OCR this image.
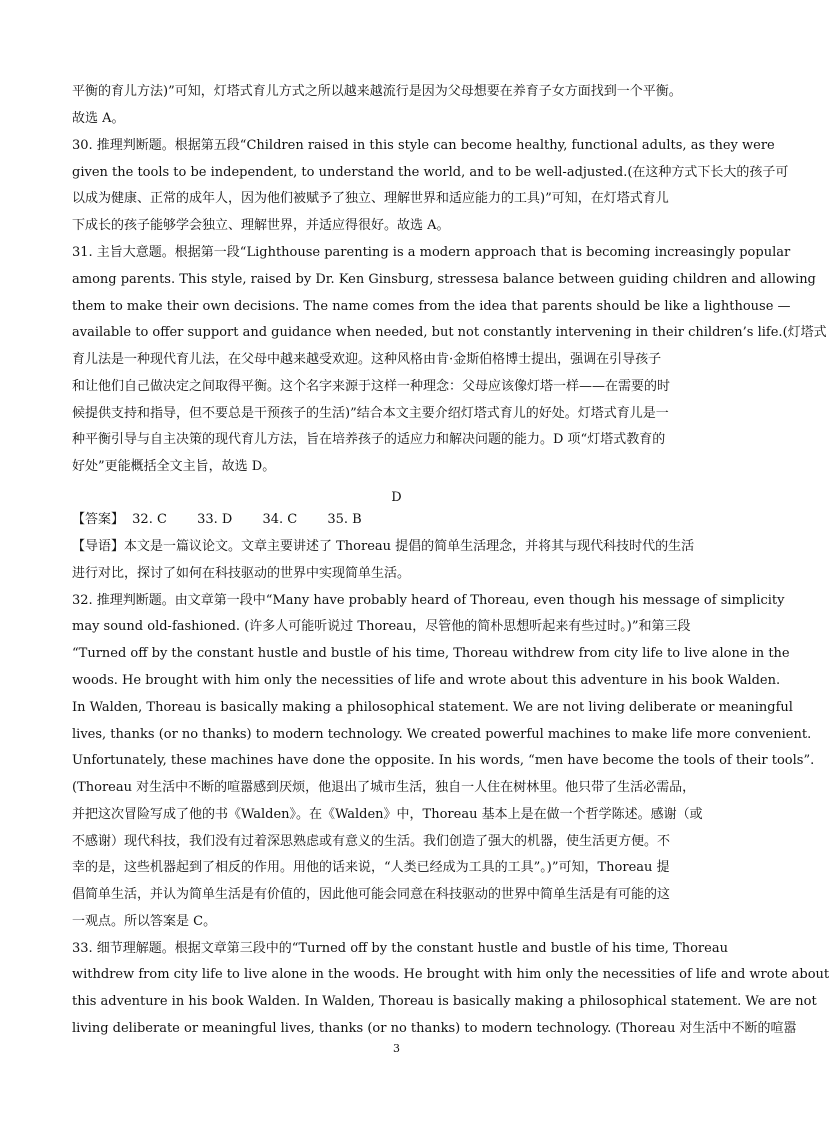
平衡的育儿方法)”可知，灯塔式育儿方式之所以越来越流行是因为父母想要在养育子女方面找到一个平衡。
故选 A。
30. 推理判断题。根据第五段“Children raised in this style can become healthy, functional adults, as they were
given the tools to be independent, to understand the world, and to be well-adjusted.(在这种方式下长大的孩子可
以成为健康、正常的成年人，因为他们被赋予了独立、理解世界和适应能力的工具)”可知，在灯塔式育儿
下成长的孩子能够学会独立、理解世界，并适应得很好。故选 A。
31. 主旨大意题。根据第一段“Lighthouse parenting is a modern approach that is becoming increasingly popular
among parents. This style, raised by Dr. Ken Ginsburg, stressesa balance between guiding children and allowing
them to make their own decisions. The name comes from the idea that parents should be like a lighthouse —
available to offer support and guidance when needed, but not constantly intervening in their children’s life.(灯塔式
育儿法是一种现代育儿法，在父母中越来越受欢迎。这种风格由肯·金斯伯格博士提出，强调在引导孩子
和让他们自己做决定之间取得平衡。这个名字来源于这样一种理念：父母应该像灯塔一样——在需要的时
候提供支持和指导，但不要总是干预孩子的生活)”结合本文主要介绍灯塔式育儿的好处。灯塔式育儿是一
种平衡引导与自主决策的现代育儿方法，旨在培养孩子的适应力和解决问题的能力。D 项“灯塔式教育的
好处”更能概括全文主旨，故选 D。
D
【答案】 32. C 33. D 34. C 35. B
【导语】本文是一篇议论文。文章主要讲述了 Thoreau 提倡的简单生活理念，并将其与现代科技时代的生活
进行对比，探讨了如何在科技驱动的世界中实现简单生活。
32. 推理判断题。由文章第一段中“Many have probably heard of Thoreau, even though his message of simplicity
may sound old-fashioned. (许多人可能听说过 Thoreau，尽管他的简朴思想听起来有些过时。)”和第三段
“Turned off by the constant hustle and bustle of his time, Thoreau withdrew from city life to live alone in the
woods. He brought with him only the necessities of life and wrote about this adventure in his book Walden.
In Walden, Thoreau is basically making a philosophical statement. We are not living deliberate or meaningful
lives, thanks (or no thanks) to modern technology. We created powerful machines to make life more convenient.
Unfortunately, these machines have done the opposite. In his words, “men have become the tools of their tools”.
(Thoreau 对生活中不断的喧嚣感到厌烦，他退出了城市生活，独自一人住在树林里。他只带了生活必需品，
并把这次冒险写成了他的书《Walden》。在《Walden》中，Thoreau 基本上是在做一个哲学陈述。感谢（或
不感谢）现代科技，我们没有过着深思熟虑或有意义的生活。我们创造了强大的机器，使生活更方便。不
幸的是，这些机器起到了相反的作用。用他的话来说，“人类已经成为工具的工具”。)”可知，Thoreau 提
倡简单生活，并认为简单生活是有价值的，因此他可能会同意在科技驱动的世界中简单生活是有可能的这
一观点。所以答案是 C。
33. 细节理解题。根据文章第三段中的“Turned off by the constant hustle and bustle of his time, Thoreau
withdrew from city life to live alone in the woods. He brought with him only the necessities of life and wrote about
this adventure in his book Walden. In Walden, Thoreau is basically making a philosophical statement. We are not
living deliberate or meaningful lives, thanks (or no thanks) to modern technology. (Thoreau 对生活中不断的喧嚣
3
